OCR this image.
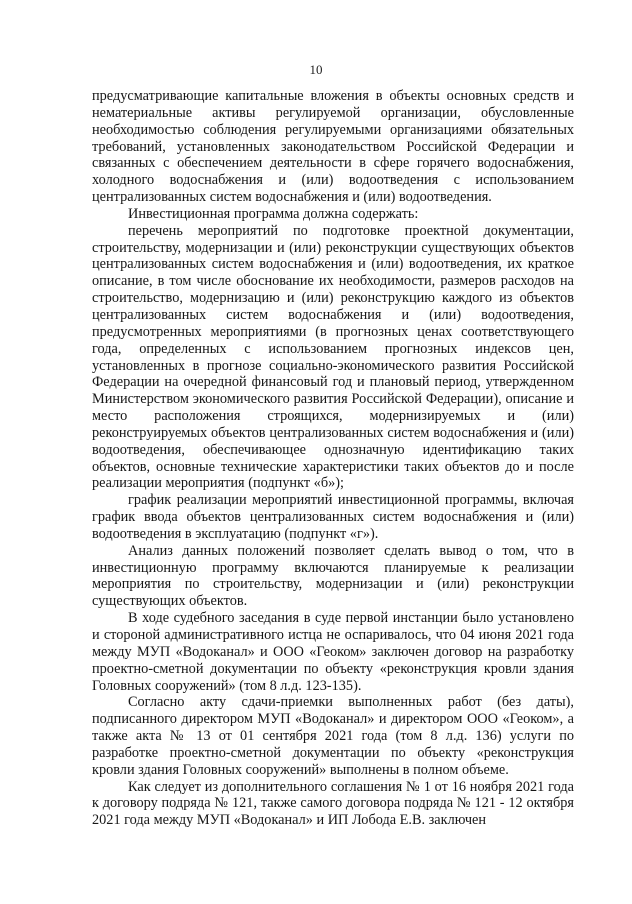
10

предусматривающие капитальные вложения в объекты основных средств и нематериальные активы регулируемой организации, обусловленные необходимостью соблюдения регулируемыми организациями обязательных требований, установленных законодательством Российской Федерации и связанных с обеспечением деятельности в сфере горячего водоснабжения, холодного водоснабжения и (или) водоотведения с использованием централизованных систем водоснабжения и (или) водоотведения.

Инвестиционная программа должна содержать:

перечень мероприятий по подготовке проектной документации, строительству, модернизации и (или) реконструкции существующих объектов централизованных систем водоснабжения и (или) водоотведения, их краткое описание, в том числе обоснование их необходимости, размеров расходов на строительство, модернизацию и (или) реконструкцию каждого из объектов централизованных систем водоснабжения и (или) водоотведения, предусмотренных мероприятиями (в прогнозных ценах соответствующего года, определенных с использованием прогнозных индексов цен, установленных в прогнозе социально-экономического развития Российской Федерации на очередной финансовый год и плановый период, утвержденном Министерством экономического развития Российской Федерации), описание и место расположения строящихся, модернизируемых и (или) реконструируемых объектов централизованных систем водоснабжения и (или) водоотведения, обеспечивающее однозначную идентификацию таких объектов, основные технические характеристики таких объектов до и после реализации мероприятия (подпункт «б»);

график реализации мероприятий инвестиционной программы, включая график ввода объектов централизованных систем водоснабжения и (или) водоотведения в эксплуатацию (подпункт «г»).

Анализ данных положений позволяет сделать вывод о том, что в инвестиционную программу включаются планируемые к реализации мероприятия по строительству, модернизации и (или) реконструкции существующих объектов.

В ходе судебного заседания в суде первой инстанции было установлено и стороной административного истца не оспаривалось, что 04 июня 2021 года между МУП «Водоканал» и ООО «Геоком» заключен договор на разработку проектно-сметной документации по объекту «реконструкция кровли здания Головных сооружений» (том 8 л.д. 123-135).

Согласно акту сдачи-приемки выполненных работ (без даты), подписанного директором МУП «Водоканал» и директором ООО «Геоком», а также акта № 13 от 01 сентября 2021 года (том 8 л.д. 136) услуги по разработке проектно-сметной документации по объекту «реконструкция кровли здания Головных сооружений» выполнены в полном объеме.

Как следует из дополнительного соглашения № 1 от 16 ноября 2021 года к договору подряда № 121, также самого договора подряда № 121 - 12 октября 2021 года между МУП «Водоканал» и ИП Лобода Е.В. заключен
